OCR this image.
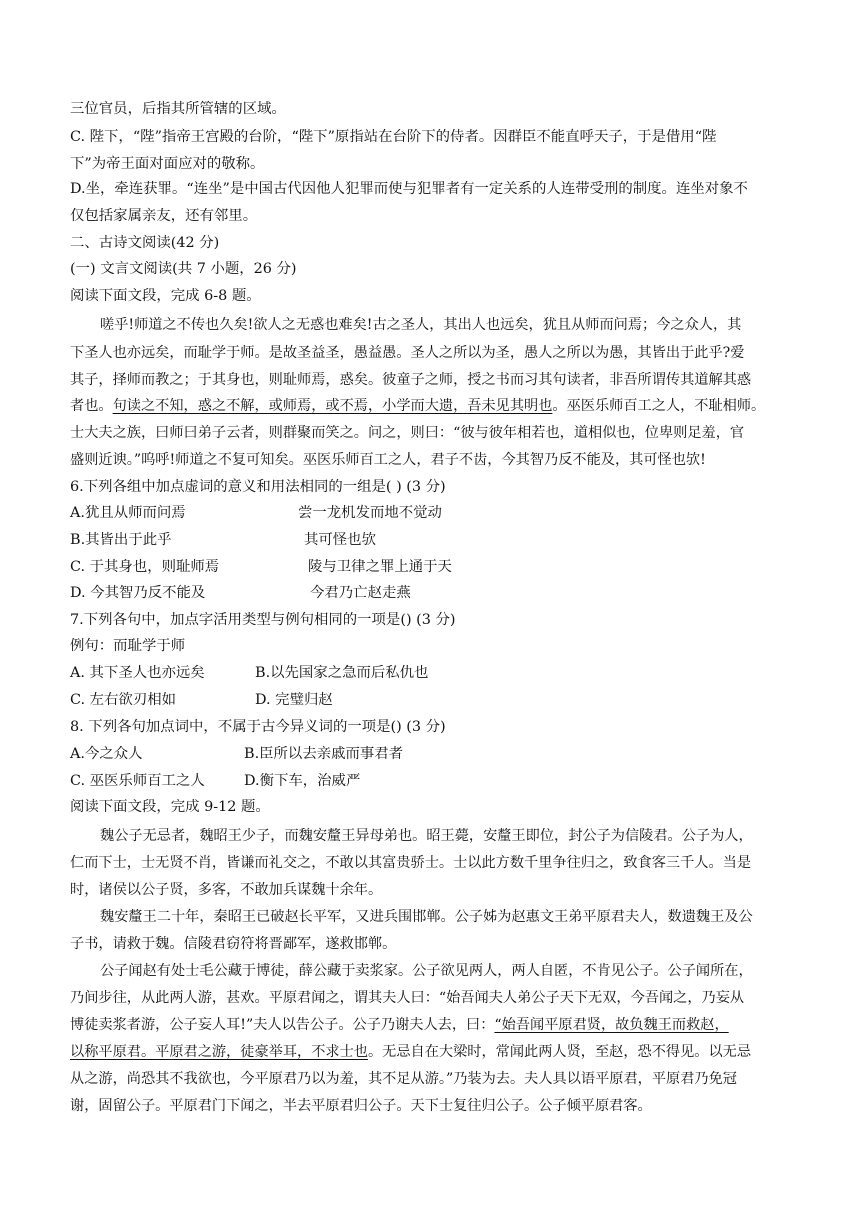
三位官员，后指其所管辖的区域。
C. 陛下，“陛”指帝王宫殿的台阶，“陛下”原指站在台阶下的侍者。因群臣不能直呼天子，于是借用“陛
下”为帝王面对面应对的敬称。
D.坐，牵连获罪。“连坐”是中国古代因他人犯罪而使与犯罪者有一定关系的人连带受刑的制度。连坐对象不
仅包括家属亲友，还有邻里。
二、古诗文阅读(42 分)
(一) 文言文阅读(共 7 小题，26 分)
阅读下面文段，完成 6-8 题。
嗟乎!师道之不传也久矣!欲人之无惑也难矣!古之圣人，其出人也远矣，犹且从师而问焉；今之众人，其
下圣人也亦远矣，而耻学于师。是故圣益圣，愚益愚。圣人之所以为圣，愚人之所以为愚，其皆出于此乎?爱
其子，择师而教之；于其身也，则耻师焉，惑矣。彼童子之师，授之书而习其句读者，非吾所谓传其道解其惑
者也。句读之不知，惑之不解，或师焉，或不焉，小学而大遗，吾未见其明也。巫医乐师百工之人，不耻相师。
士大夫之族，曰师曰弟子云者，则群聚而笑之。问之，则曰：“彼与彼年相若也，道相似也，位卑则足羞，官
盛则近谀。”呜呼!师道之不复可知矣。巫医乐师百工之人，君子不齿，今其智乃反不能及，其可怪也欤!
6.下列各组中加点虚词的意义和用法相同的一组是( ) (3 分)
A.犹且从师而问焉	尝一龙机发而地不觉动
B.其皆出于此乎	其可怪也欤
C. 于其身也，则耻师焉	陵与卫律之罪上通于天
D. 今其智乃反不能及	今君乃亡赵走燕
7.下列各句中，加点字活用类型与例句相同的一项是() (3 分)
例句：而耻学于师
A. 其下圣人也亦远矣	B.以先国家之急而后私仇也
C. 左右欲刃相如	D. 完璧归赵
8. 下列各句加点词中，不属于古今异义词的一项是() (3 分)
A.今之众人	B.臣所以去亲戚而事君者
C. 巫医乐师百工之人	D.衡下车，治威严
阅读下面文段，完成 9-12 题。
魏公子无忌者，魏昭王少子，而魏安釐王异母弟也。昭王薨，安釐王即位，封公子为信陵君。公子为人，
仁而下士，士无贤不肖，皆谦而礼交之，不敢以其富贵骄士。士以此方数千里争往归之，致食客三千人。当是
时，诸侯以公子贤，多客，不敢加兵谋魏十余年。
魏安釐王二十年，秦昭王已破赵长平军，又进兵围邯郸。公子姊为赵惠文王弟平原君夫人，数遗魏王及公
子书，请救于魏。信陵君窃符将晋鄙军，遂救邯郸。
公子闻赵有处士毛公藏于博徒，薛公藏于卖浆家。公子欲见两人，两人自匿，不肯见公子。公子闻所在，
乃间步往，从此两人游，甚欢。平原君闻之，谓其夫人曰：“始吾闻夫人弟公子天下无双，今吾闻之，乃妄从
博徒卖浆者游，公子妄人耳!”夫人以告公子。公子乃谢夫人去，曰：“始吾闻平原君贤，故负魏王而救赵，
以称平原君。平原君之游，徒豪举耳，不求士也。无忌自在大梁时，常闻此两人贤，至赵，恐不得见。以无忌
从之游，尚恐其不我欲也，今平原君乃以为羞，其不足从游。”乃装为去。夫人具以语平原君，平原君乃免冠
谢，固留公子。平原君门下闻之，半去平原君归公子。天下士复往归公子。公子倾平原君客。
